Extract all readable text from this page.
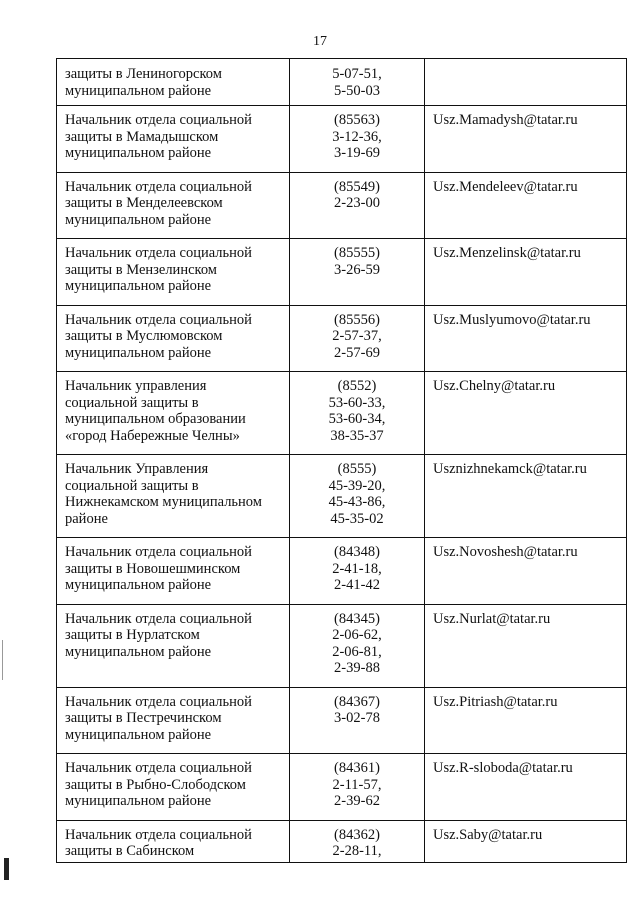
17
защиты в Лениногорском
муниципальном районе	5-07-51,
5-50-03	

Начальник отдела социальной
защиты в Мамадышском
муниципальном районе	(85563)
3-12-36,
3-19-69	Usz.Mamadysh@tatar.ru

Начальник отдела социальной
защиты в Менделеевском
муниципальном районе	(85549)
2-23-00	Usz.Mendeleev@tatar.ru

Начальник отдела социальной
защиты в Мензелинском
муниципальном районе	(85555)
3-26-59	Usz.Menzelinsk@tatar.ru

Начальник отдела социальной
защиты в Муслюмовском
муниципальном районе	(85556)
2-57-37,
2-57-69	Usz.Muslyumovo@tatar.ru

Начальник управления
социальной защиты в
муниципальном образовании
«город Набережные Челны»	(8552)
53-60-33,
53-60-34,
38-35-37	Usz.Chelny@tatar.ru

Начальник Управления
социальной защиты в
Нижнекамском муниципальном
районе	(8555)
45-39-20,
45-43-86,
45-35-02	Usznizhnekamck@tatar.ru

Начальник отдела социальной
защиты в Новошешминском
муниципальном районе	(84348)
2-41-18,
2-41-42	Usz.Novoshesh@tatar.ru

Начальник отдела социальной
защиты в Нурлатском
муниципальном районе	(84345)
2-06-62,
2-06-81,
2-39-88	Usz.Nurlat@tatar.ru

Начальник отдела социальной
защиты в Пестречинском
муниципальном районе	(84367)
3-02-78	Usz.Pitriash@tatar.ru

Начальник отдела социальной
защиты в Рыбно-Слободском
муниципальном районе	(84361)
2-11-57,
2-39-62	Usz.R-sloboda@tatar.ru

Начальник отдела социальной
защиты в Сабинском	(84362)
2-28-11,	Usz.Saby@tatar.ru
